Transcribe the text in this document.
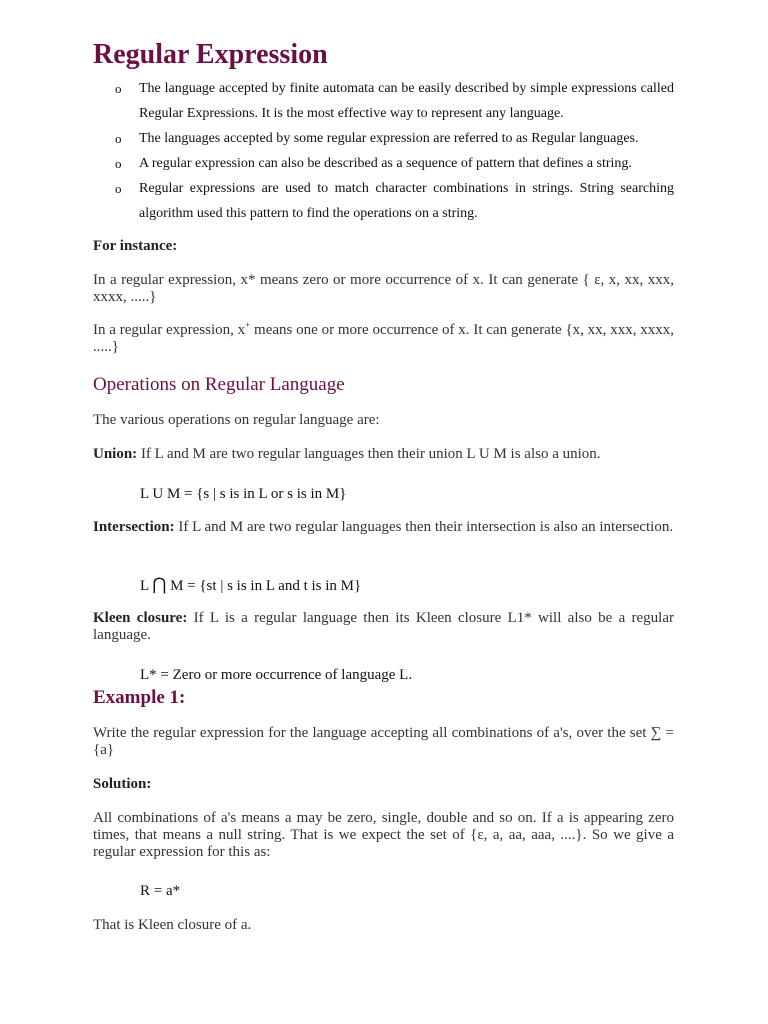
Regular Expression
o The language accepted by finite automata can be easily described by simple expressions called Regular Expressions. It is the most effective way to represent any language.
o The languages accepted by some regular expression are referred to as Regular languages.
o A regular expression can also be described as a sequence of pattern that defines a string.
o Regular expressions are used to match character combinations in strings. String searching algorithm used this pattern to find the operations on a string.
For instance:
In a regular expression, x* means zero or more occurrence of x. It can generate { ε, x, xx, xxx, xxxx, .....}
In a regular expression, x+ means one or more occurrence of x. It can generate {x, xx, xxx, xxxx, .....}
Operations on Regular Language
The various operations on regular language are:
Union: If L and M are two regular languages then their union L U M is also a union.
L U M = {s | s is in L or s is in M}
Intersection: If L and M are two regular languages then their intersection is also an intersection.
L ⋂ M = {st | s is in L and t is in M}
Kleen closure: If L is a regular language then its Kleen closure L1* will also be a regular language.
L* = Zero or more occurrence of language L.
Example 1:
Write the regular expression for the language accepting all combinations of a's, over the set ∑ = {a}
Solution:
All combinations of a's means a may be zero, single, double and so on. If a is appearing zero times, that means a null string. That is we expect the set of {ε, a, aa, aaa, ....}. So we give a regular expression for this as:
R = a*
That is Kleen closure of a.
